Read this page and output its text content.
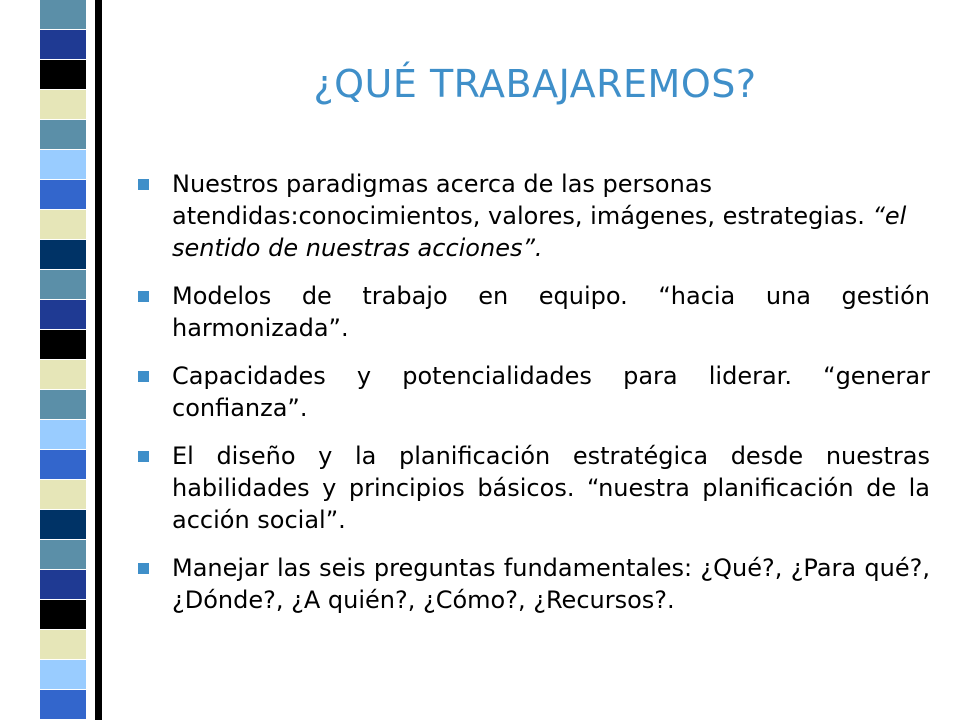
¿QUÉ TRABAJAREMOS?
Nuestros paradigmas acerca de las personas atendidas:conocimientos, valores, imágenes, estrategias. “el sentido de nuestras acciones”.
Modelos de trabajo en equipo. “hacia una gestión harmonizada”.
Capacidades y potencialidades para liderar. “generar confianza”.
El diseño y la planificación estratégica desde nuestras habilidades y principios básicos. “nuestra planificación de la acción social”.
Manejar las seis preguntas fundamentales: ¿Qué?, ¿Para qué?, ¿Dónde?, ¿A quién?, ¿Cómo?, ¿Recursos?.
